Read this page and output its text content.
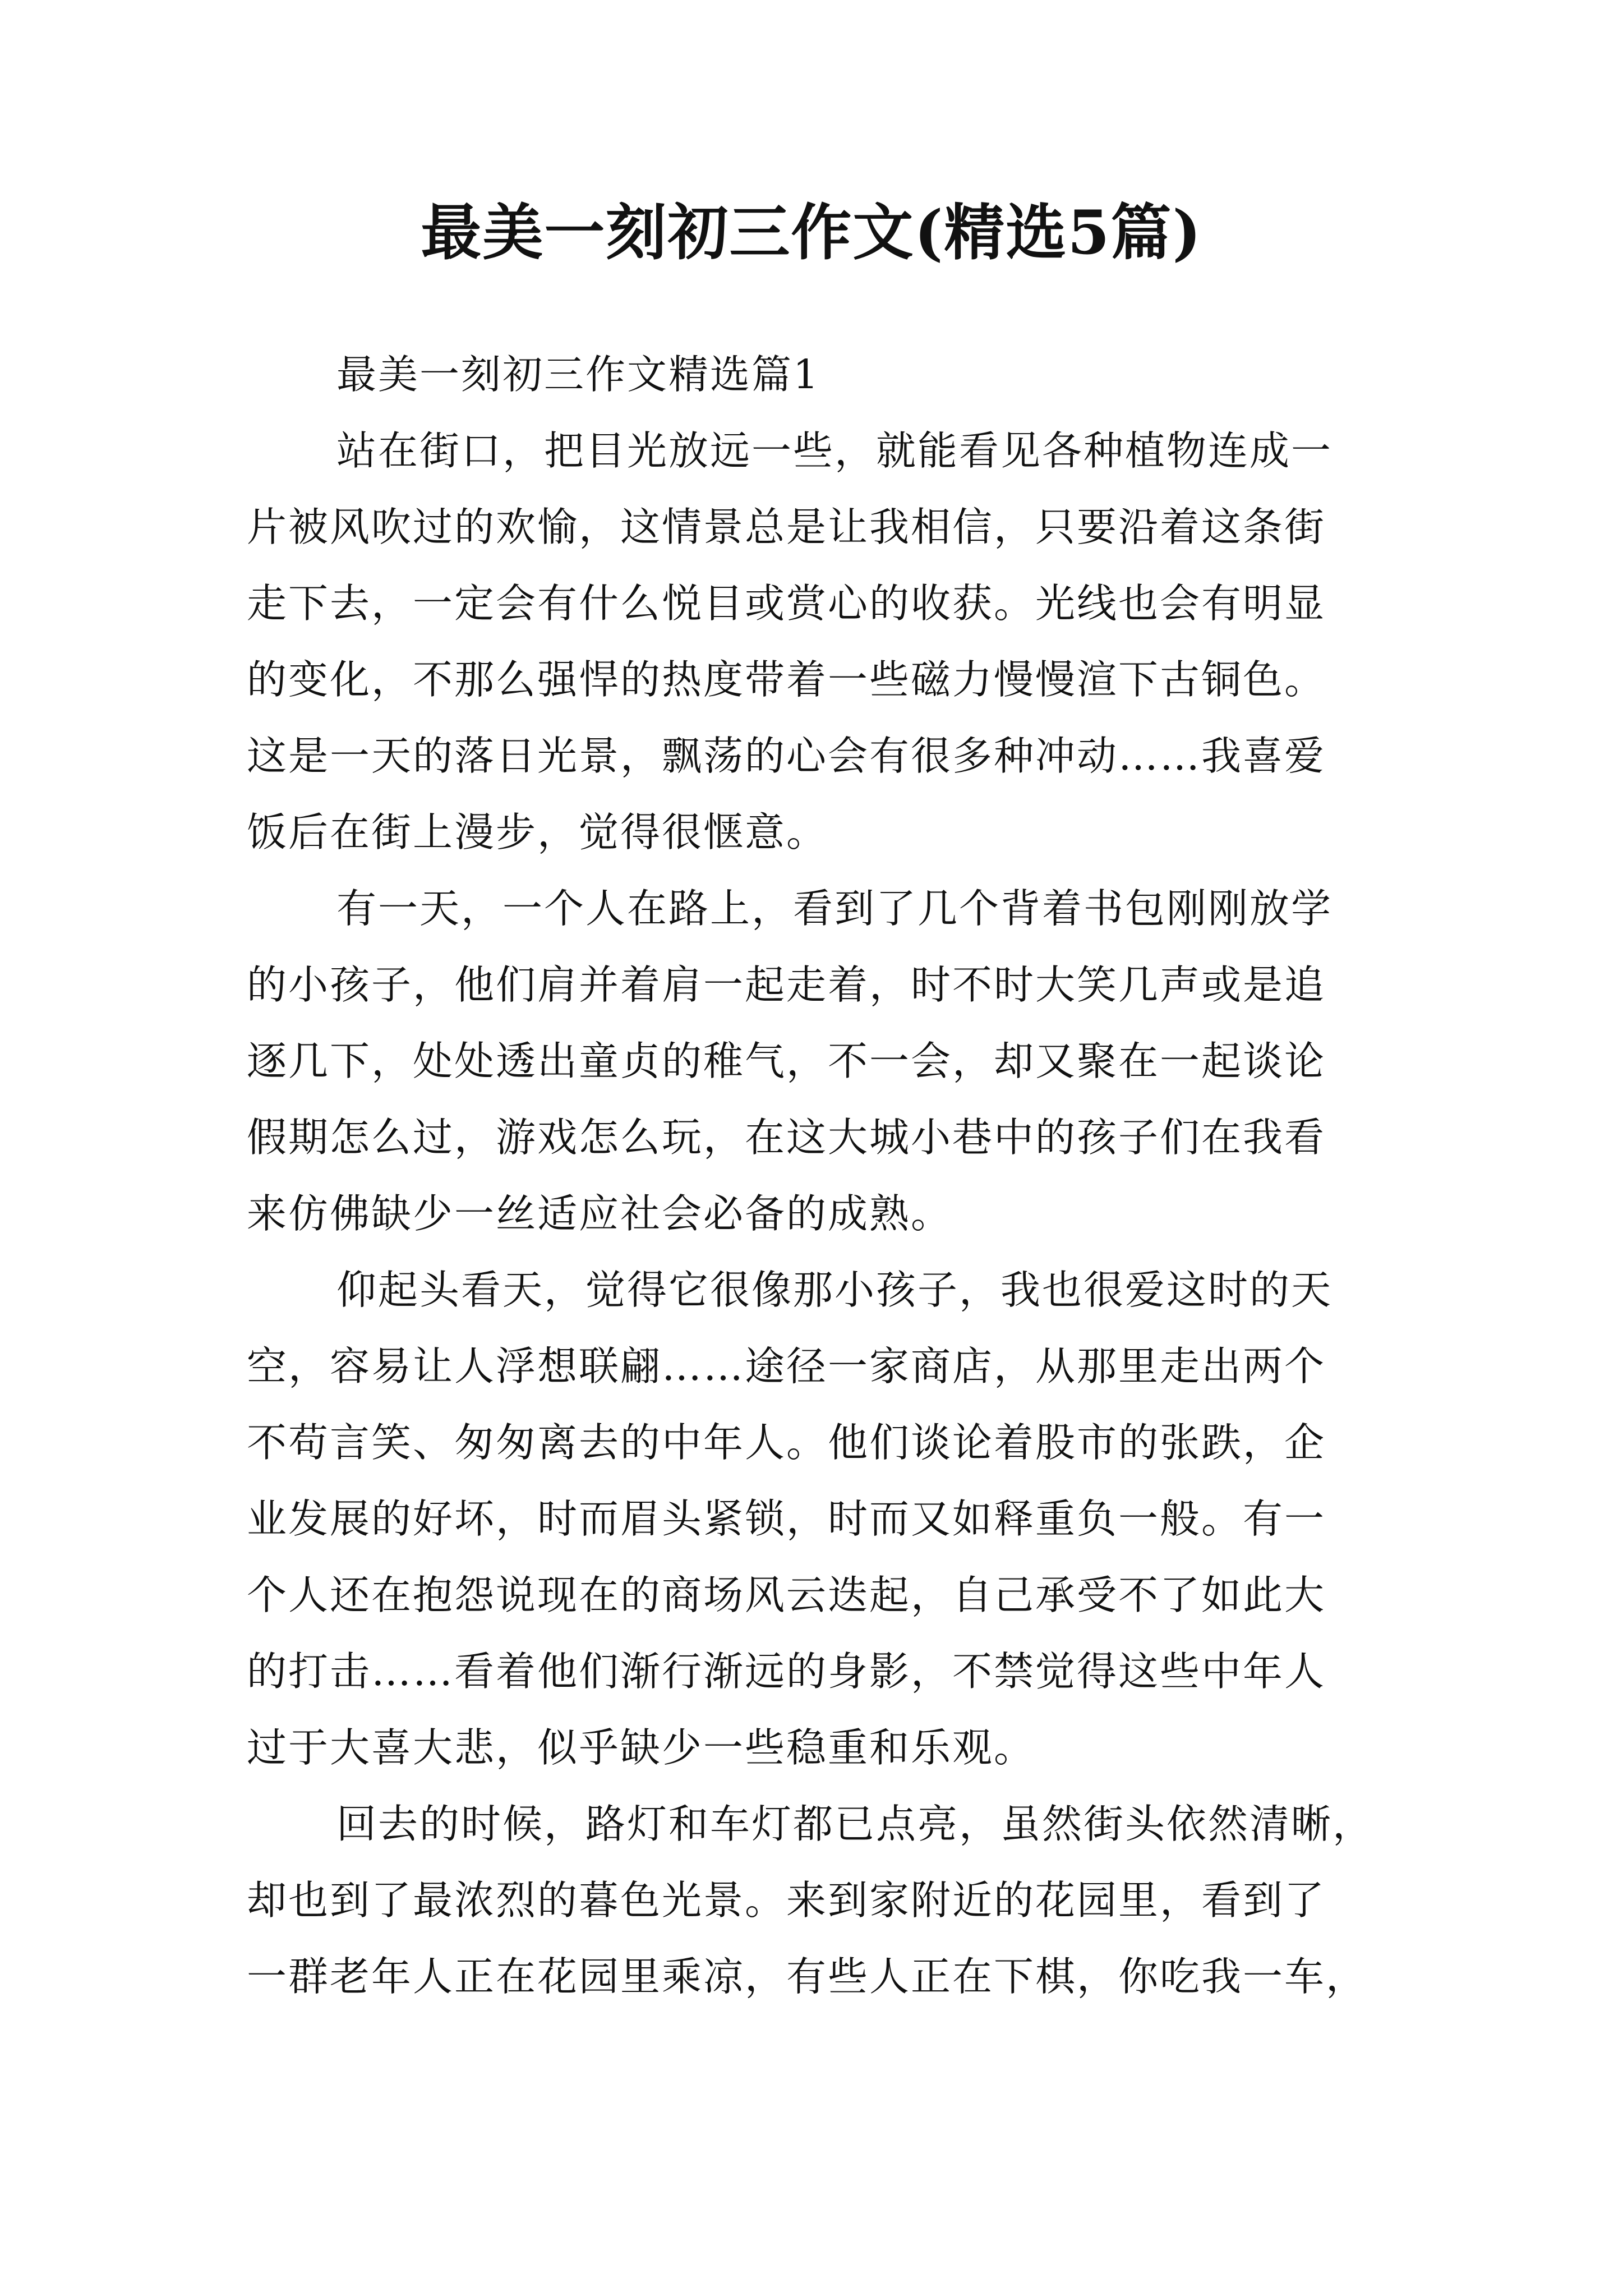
最美一刻初三作文(精选5篇)
最美一刻初三作文精选篇1

站在街口，把目光放远一些，就能看见各种植物连成一
片被风吹过的欢愉，这情景总是让我相信，只要沿着这条街
走下去，一定会有什么悦目或赏心的收获。光线也会有明显
的变化，不那么强悍的热度带着一些磁力慢慢渲下古铜色。
这是一天的落日光景，飘荡的心会有很多种冲动……我喜爱
饭后在街上漫步，觉得很惬意。

有一天，一个人在路上，看到了几个背着书包刚刚放学
的小孩子，他们肩并着肩一起走着，时不时大笑几声或是追
逐几下，处处透出童贞的稚气，不一会，却又聚在一起谈论
假期怎么过，游戏怎么玩，在这大城小巷中的孩子们在我看
来仿佛缺少一丝适应社会必备的成熟。

仰起头看天，觉得它很像那小孩子，我也很爱这时的天
空，容易让人浮想联翩……途径一家商店，从那里走出两个
不苟言笑、匆匆离去的中年人。他们谈论着股市的张跌，企
业发展的好坏，时而眉头紧锁，时而又如释重负一般。有一
个人还在抱怨说现在的商场风云迭起，自己承受不了如此大
的打击……看着他们渐行渐远的身影，不禁觉得这些中年人
过于大喜大悲，似乎缺少一些稳重和乐观。

回去的时候，路灯和车灯都已点亮，虽然街头依然清晰，
却也到了最浓烈的暮色光景。来到家附近的花园里，看到了
一群老年人正在花园里乘凉，有些人正在下棋，你吃我一车，
